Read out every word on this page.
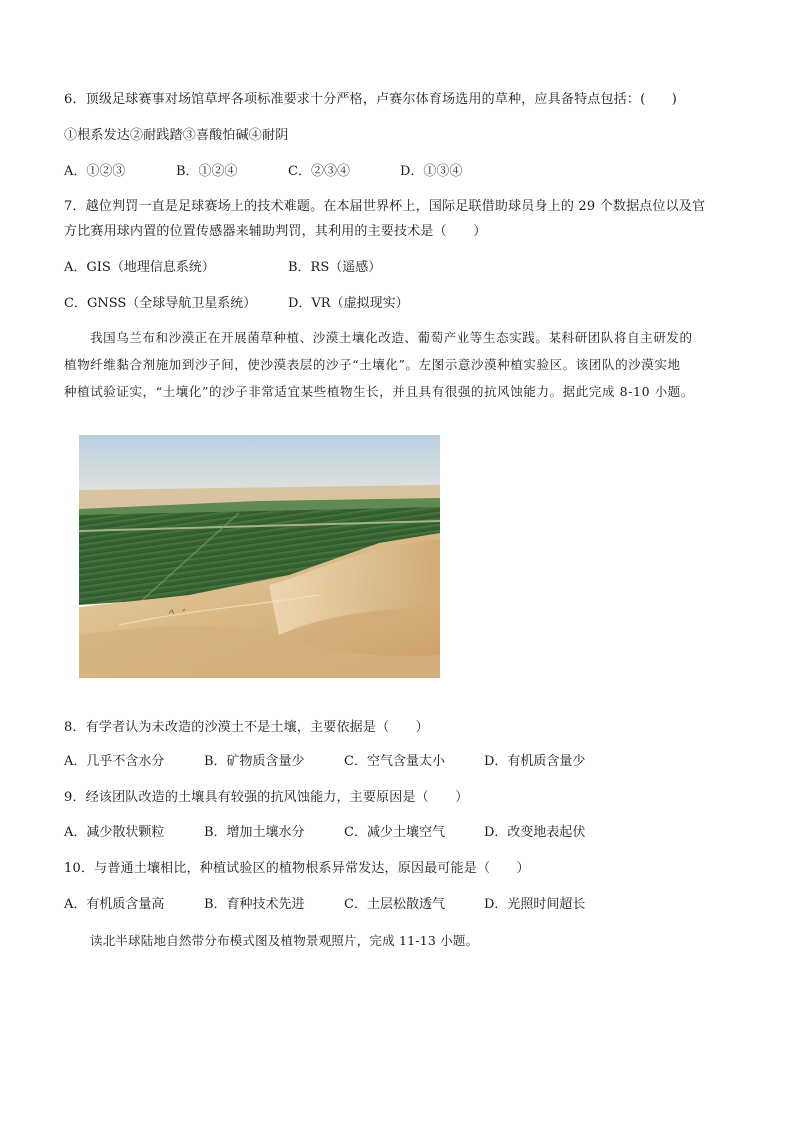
6．顶级足球赛事对场馆草坪各项标准要求十分严格，卢赛尔体育场选用的草种，应具备特点包括：(　　)
①根系发达②耐践踏③喜酸怕碱④耐阴
A．①②③	B．①②④	C．②③④	D．①③④
7．越位判罚一直是足球赛场上的技术难题。在本届世界杯上，国际足联借助球员身上的 29 个数据点位以及官
方比赛用球内置的位置传感器来辅助判罚，其利用的主要技术是（　　）
A．GIS（地理信息系统）	B．RS（遥感）
C．GNSS（全球导航卫星系统） D．VR（虚拟现实）
我国乌兰布和沙漠正在开展菌草种植、沙漠土壤化改造、葡萄产业等生态实践。某科研团队将自主研发的
植物纤维黏合剂施加到沙子间，使沙漠表层的沙子“土壤化”。左图示意沙漠种植实验区。该团队的沙漠实地
种植试验证实，“土壤化”的沙子非常适宜某些植物生长，并且具有很强的抗风蚀能力。据此完成 8-10 小题。
8．有学者认为未改造的沙漠土不是土壤，主要依据是（　　）
A．几乎不含水分	B．矿物质含量少	C．空气含量太小	D．有机质含量少
9．经该团队改造的土壤具有较强的抗风蚀能力，主要原因是（　　）
A．减少散状颗粒	B．增加土壤水分	C．减少土壤空气	D．改变地表起伏
10．与普通土壤相比，种植试验区的植物根系异常发达，原因最可能是（　　）
A．有机质含量高	B．育种技术先进	C．土层松散透气	D．光照时间超长
读北半球陆地自然带分布模式图及植物景观照片，完成 11-13 小题。
